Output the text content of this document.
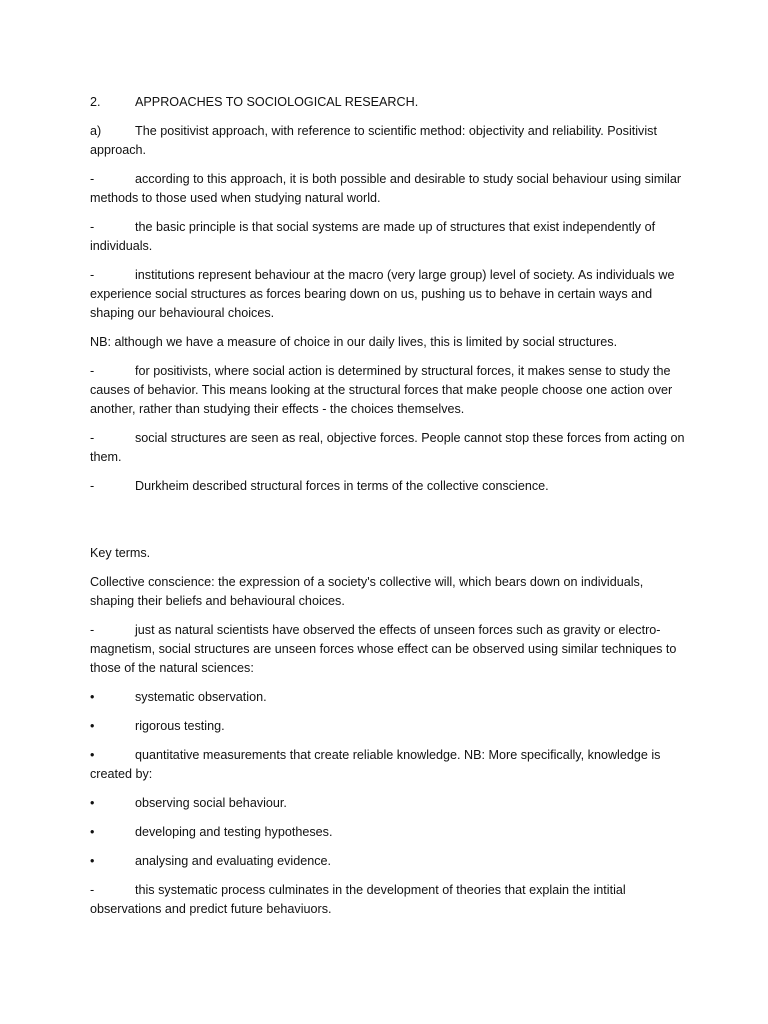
2.	APPROACHES TO SOCIOLOGICAL RESEARCH.

a)	The positivist approach, with reference to scientific method: objectivity and reliability. Positivist approach.

-	according to this approach, it is both possible and desirable to study social behaviour using similar methods to those used when studying natural world.

-	the basic principle is that social systems are made up of structures that exist independently of individuals.

-	institutions represent behaviour at the macro (very large group) level of society. As individuals we experience social structures as forces bearing down on us, pushing us to behave in certain ways and shaping our behavioural choices.

NB: although we have a measure of choice in our daily lives, this is limited by social structures.

-	for positivists, where social action is determined by structural forces, it makes sense to study the causes of behavior. This means looking at the structural forces that make people choose one action over another, rather than studying their effects - the choices themselves.

-	social structures are seen as real, objective forces. People cannot stop these forces from acting on them.

-	Durkheim described structural forces in terms of the collective conscience.

Key terms.

Collective conscience: the expression of a society's collective will, which bears down on individuals, shaping their beliefs and behavioural choices.

-	just as natural scientists have observed the effects of unseen forces such as gravity or electro-magnetism, social structures are unseen forces whose effect can be observed using similar techniques to those of the natural sciences:

•	systematic observation.

•	rigorous testing.

•	quantitative measurements that create reliable knowledge. NB: More specifically, knowledge is created by:

•	observing social behaviour.

•	developing and testing hypotheses.

•	analysing and evaluating evidence.

-	this systematic process culminates in the development of theories that explain the intitial observations and predict future behaviuors.
